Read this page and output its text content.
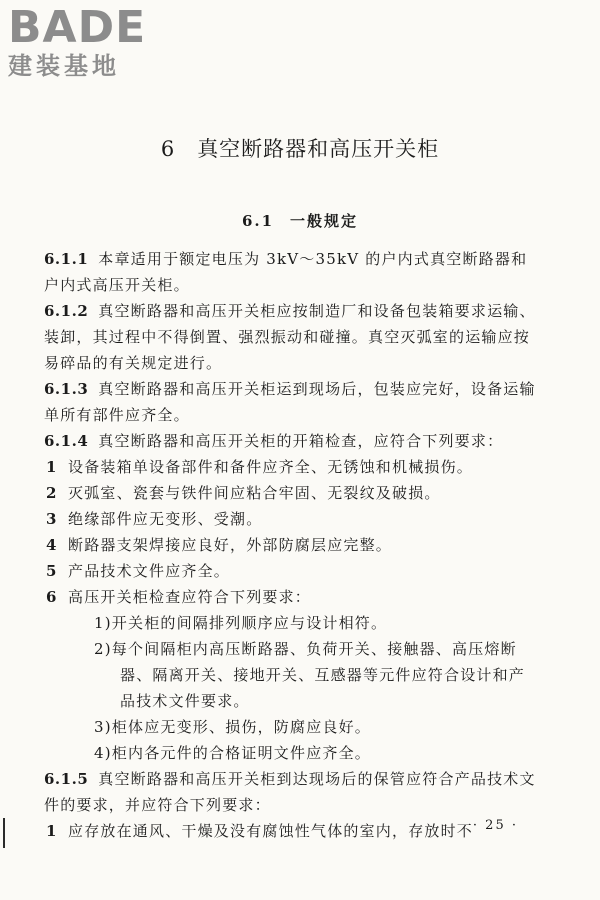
BADE
建装基地
6 真空断路器和高压开关柜
6.1 一般规定

6.1.1 本章适用于额定电压为 3kV～35kV 的户内式真空断路器和户内式高压开关柜。

6.1.2 真空断路器和高压开关柜应按制造厂和设备包装箱要求运输、装卸，其过程中不得倒置、强烈振动和碰撞。真空灭弧室的运输应按易碎品的有关规定进行。

6.1.3 真空断路器和高压开关柜运到现场后，包装应完好，设备运输单所有部件应齐全。

6.1.4 真空断路器和高压开关柜的开箱检查，应符合下列要求：

1 设备装箱单设备部件和备件应齐全、无锈蚀和机械损伤。

2 灭弧室、瓷套与铁件间应粘合牢固、无裂纹及破损。

3 绝缘部件应无变形、受潮。

4 断路器支架焊接应良好，外部防腐层应完整。

5 产品技术文件应齐全。

6 高压开关柜检查应符合下列要求：

1)开关柜的间隔排列顺序应与设计相符。

2)每个间隔柜内高压断路器、负荷开关、接触器、高压熔断器、隔离开关、接地开关、互感器等元件应符合设计和产品技术文件要求。

3)柜体应无变形、损伤，防腐应良好。

4)柜内各元件的合格证明文件应齐全。

6.1.5 真空断路器和高压开关柜到达现场后的保管应符合产品技术文件的要求，并应符合下列要求：

1 应存放在通风、干燥及没有腐蚀性气体的室内，存放时不 · 25 ·
